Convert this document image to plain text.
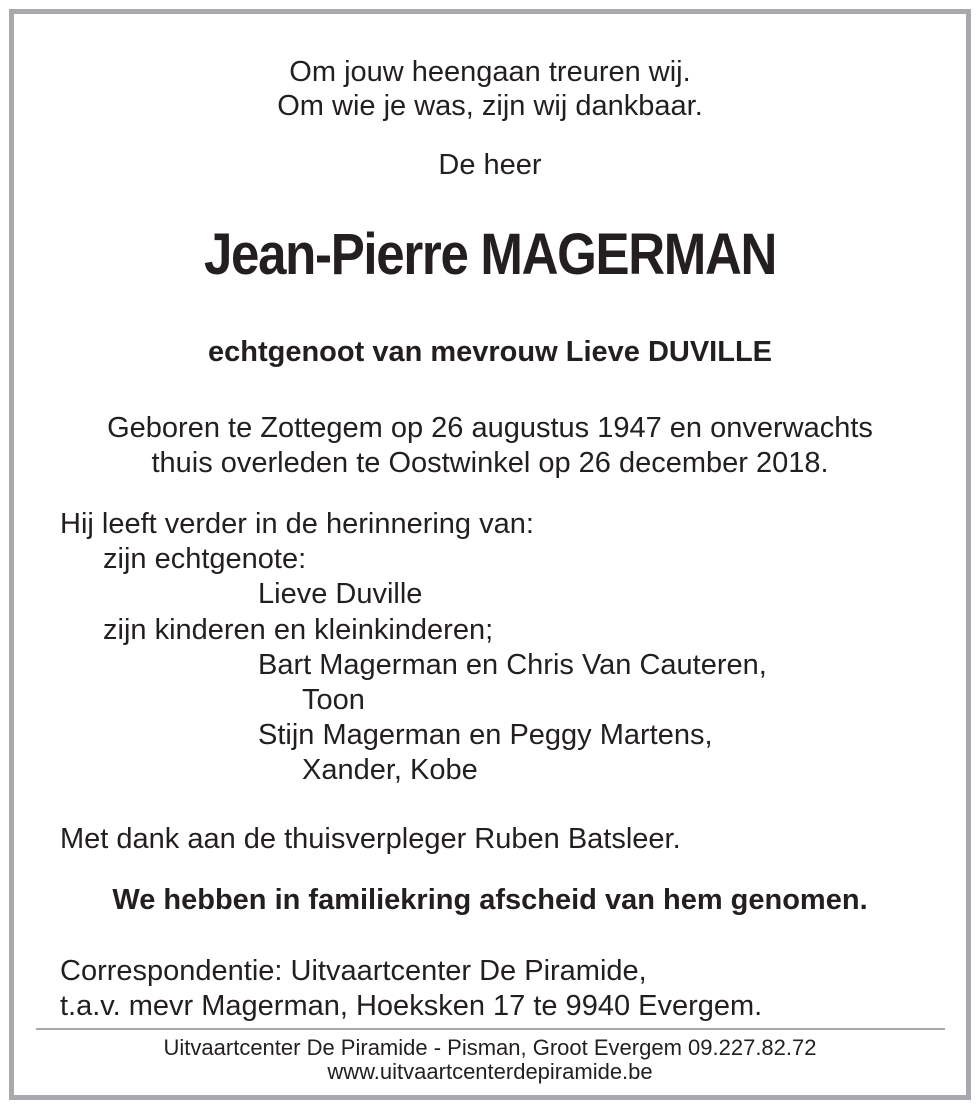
Om jouw heengaan treuren wij.

Om wie je was, zijn wij dankbaar.

De heer

Jean-Pierre MAGERMAN

echtgenoot van mevrouw Lieve DUVILLE

Geboren te Zottegem op 26 augustus 1947 en onverwachts

thuis overleden te Oostwinkel op 26 december 2018.

Hij leeft verder in de herinnering van:

zijn echtgenote:

Lieve Duville

zijn kinderen en kleinkinderen;

Bart Magerman en Chris Van Cauteren,

Toon

Stijn Magerman en Peggy Martens,

Xander, Kobe

Met dank aan de thuisverpleger Ruben Batsleer.

We hebben in familiekring afscheid van hem genomen.

Correspondentie: Uitvaartcenter De Piramide,

t.a.v. mevr Magerman, Hoeksken 17 te 9940 Evergem.

Uitvaartcenter De Piramide - Pisman, Groot Evergem 09.227.82.72

www.uitvaartcenterdepiramide.be
